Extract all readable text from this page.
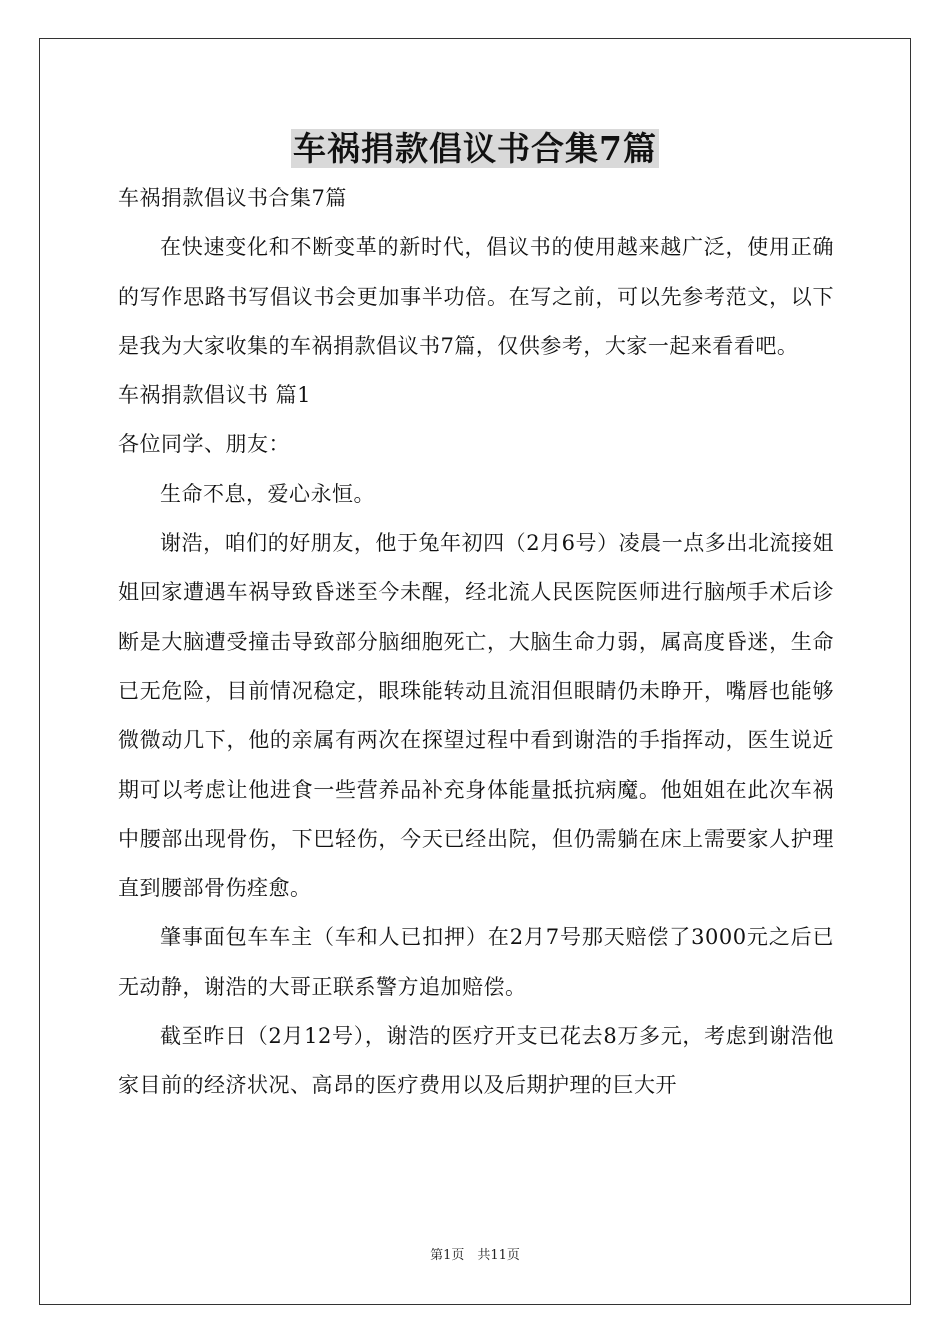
车祸捐款倡议书合集7篇

车祸捐款倡议书合集7篇

在快速变化和不断变革的新时代，倡议书的使用越来越广泛，使用正确的写作思路书写倡议书会更加事半功倍。在写之前，可以先参考范文，以下是我为大家收集的车祸捐款倡议书7篇，仅供参考，大家一起来看看吧。

车祸捐款倡议书 篇1

各位同学、朋友：

生命不息，爱心永恒。

谢浩，咱们的好朋友，他于兔年初四（2月6号）凌晨一点多出北流接姐姐回家遭遇车祸导致昏迷至今未醒，经北流人民医院医师进行脑颅手术后诊断是大脑遭受撞击导致部分脑细胞死亡，大脑生命力弱，属高度昏迷，生命已无危险，目前情况稳定，眼珠能转动且流泪但眼睛仍未睁开，嘴唇也能够微微动几下，他的亲属有两次在探望过程中看到谢浩的手指挥动，医生说近期可以考虑让他进食一些营养品补充身体能量抵抗病魔。他姐姐在此次车祸中腰部出现骨伤，下巴轻伤，今天已经出院，但仍需躺在床上需要家人护理直到腰部骨伤痊愈。

肇事面包车车主（车和人已扣押）在2月7号那天赔偿了3000元之后已无动静，谢浩的大哥正联系警方追加赔偿。

截至昨日（2月12号），谢浩的医疗开支已花去8万多元，考虑到谢浩他家目前的经济状况、高昂的医疗费用以及后期护理的巨大开

第1页　共11页
